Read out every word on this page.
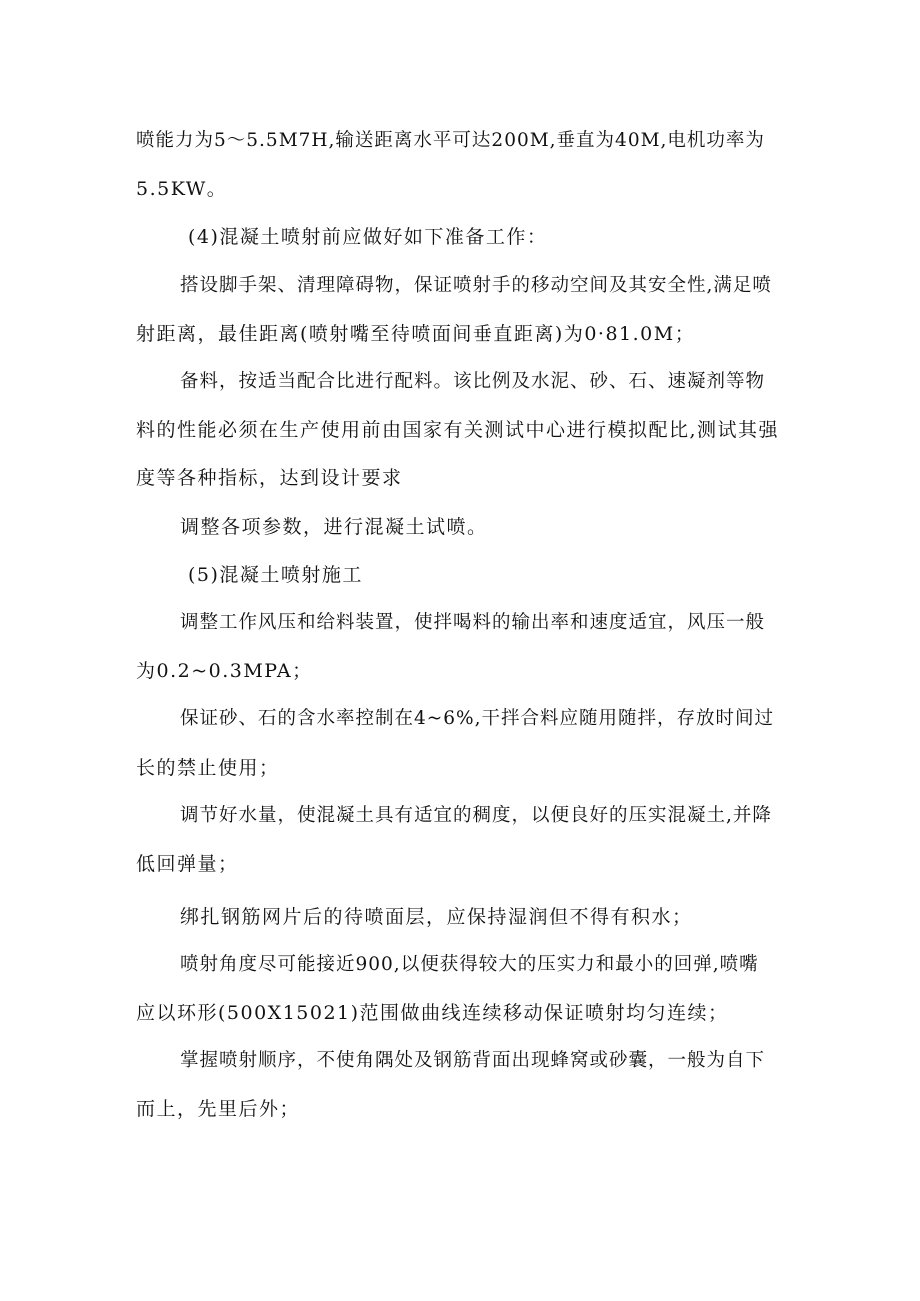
喷能力为5～5.5M7H,输送距离水平可达200M,垂直为40M,电机功率为
5.5KW。
(4)混凝土喷射前应做好如下准备工作：
搭设脚手架、清理障碍物，保证喷射手的移动空间及其安全性,满足喷
射距离，最佳距离(喷射嘴至待喷面间垂直距离)为0·81.0M；
备料，按适当配合比进行配料。该比例及水泥、砂、石、速凝剂等物
料的性能必须在生产使用前由国家有关测试中心进行模拟配比,测试其强
度等各种指标，达到设计要求
调整各项参数，进行混凝土试喷。
(5)混凝土喷射施工
调整工作风压和给料装置，使拌喝料的输出率和速度适宜，风压一般
为0.2~0.3MPA；
保证砂、石的含水率控制在4~6%,干拌合料应随用随拌，存放时间过
长的禁止使用；
调节好水量，使混凝土具有适宜的稠度，以便良好的压实混凝土,并降
低回弹量；
绑扎钢筋网片后的待喷面层，应保持湿润但不得有积水；
喷射角度尽可能接近900,以便获得较大的压实力和最小的回弹,喷嘴
应以环形(500X15021)范围做曲线连续移动保证喷射均匀连续；
掌握喷射顺序，不使角隅处及钢筋背面出现蜂窝或砂囊，一般为自下
而上，先里后外；
